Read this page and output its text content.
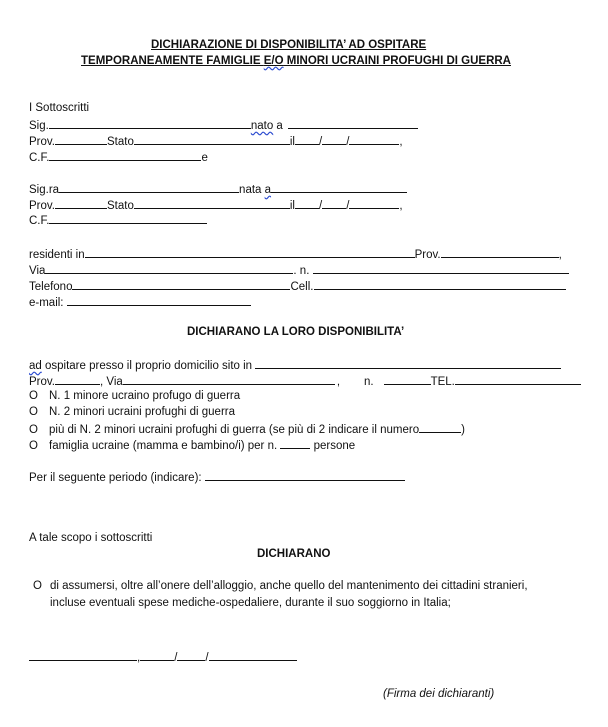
DICHIARAZIONE DI DISPONIBILITA’ AD OSPITARE
TEMPORANEAMENTE FAMIGLIE E/O MINORI UCRAINI PROFUGHI DI GUERRA
I Sottoscritti
Sig.	nato a
Prov.	Stato	il / /	,
C.F.	e
Sig.ra	nata a
Prov.	Stato	il / /	,
C.F.
residenti in	Prov.	,
Via	. n.
Telefono	Cell.
e-mail:
DICHIARANO LA LORO DISPONIBILITA’
ad ospitare presso il proprio domicilio sito in
Prov.	, Via	, n.	TEL.
O N. 1 minore ucraino profugo di guerra
O N. 2 minori ucraini profughi di guerra
O più di N. 2 minori ucraini profughi di guerra (se più di 2 indicare il numero	)
O famiglia ucraine (mamma e bambino/i) per n.	persone
Per il seguente periodo (indicare):
A tale scopo i sottoscritti
DICHIARANO
O di assumersi, oltre all’onere dell’alloggio, anche quello del mantenimento dei cittadini stranieri,
incluse eventuali spese mediche-ospedaliere, durante il suo soggiorno in Italia;
,	/ /
(Firma dei dichiaranti)
